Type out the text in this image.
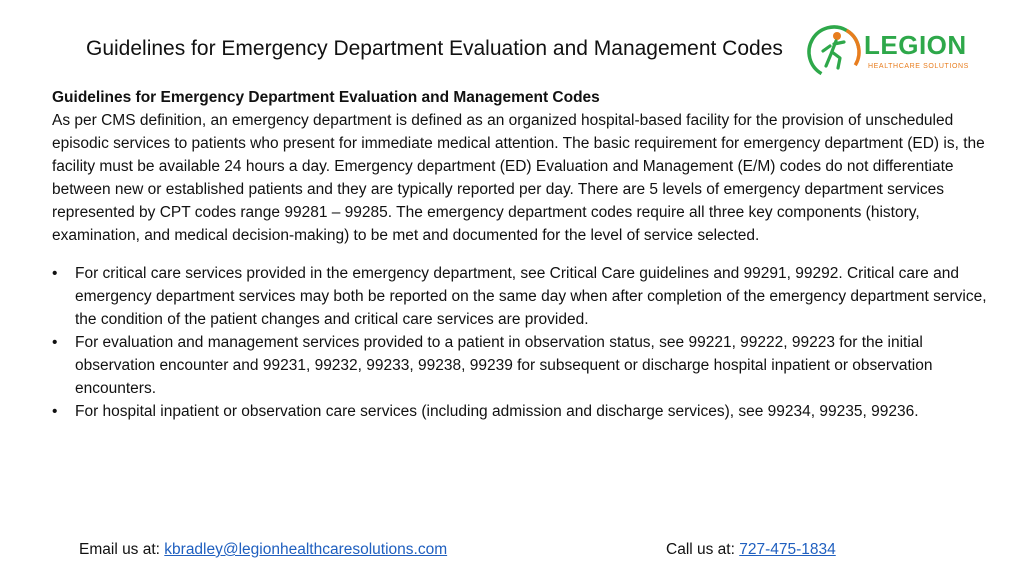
Guidelines for Emergency Department Evaluation and Management Codes	LEGION
HEALTHCARE SOLUTIONS
Guidelines for Emergency Department Evaluation and Management Codes

As per CMS definition, an emergency department is defined as an organized hospital-based facility for the provision of unscheduled episodic services to patients who present for immediate medical attention. The basic requirement for emergency department (ED) is, the facility must be available 24 hours a day. Emergency department (ED) Evaluation and Management (E/M) codes do not differentiate between new or established patients and they are typically reported per day. There are 5 levels of emergency department services represented by CPT codes range 99281 – 99285. The emergency department codes require all three key components (history, examination, and medical decision-making) to be met and documented for the level of service selected.

• For critical care services provided in the emergency department, see Critical Care guidelines and 99291, 99292. Critical care and emergency department services may both be reported on the same day when after completion of the emergency department service, the condition of the patient changes and critical care services are provided.
• For evaluation and management services provided to a patient in observation status, see 99221, 99222, 99223 for the initial observation encounter and 99231, 99232, 99233, 99238, 99239 for subsequent or discharge hospital inpatient or observation encounters.
• For hospital inpatient or observation care services (including admission and discharge services), see 99234, 99235, 99236.
Email us at: kbradley@legionhealthcaresolutions.com	Call us at: 727-475-1834
